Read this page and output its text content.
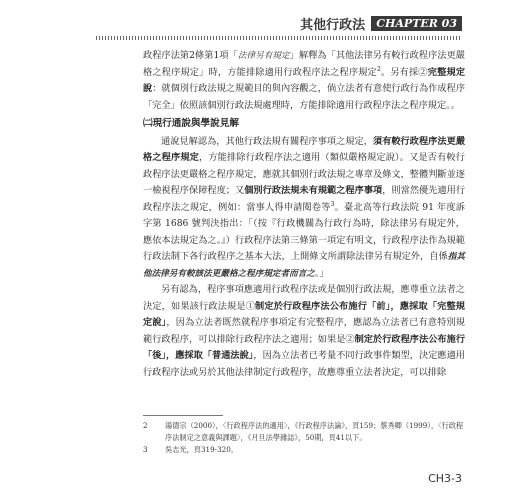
其他行政法	CHAPTER 03

政程序法第2條第1項「法律另有規定」解釋為「其他法律另有較行政程序法更嚴格之程序規定」時，方能排除適用行政程序法之程序規定$^2$。另有採②完整規定說：就個別行政法規之規範目的與內容觀之，倘立法者有意使行政行為作成程序「完全」依照該個別行政法規處理時，方能排除適用行政程序法之程序規定。。

㈡現行通說與學說見解

通說見解認為，其他行政法規有關程序事項之規定，須有較行政程序法更嚴格之程序規定，方能排除行政程序法之適用（類似嚴格規定說）。又是否有較行政程序法更嚴格之程序規定，應就其個別行政法規之專章及條文，整體判斷並逐一檢視程序保障程度；又個別行政法規未有規範之程序事項，則當然優先適用行政程序法之規定，例如：當事人得申請閱卷等$^3$。臺北高等行政法院 91 年度訴字第 1686 號判決指出：「（按『行政機關為行政行為時，除法律另有規定外，應依本法規定為之。』）行政程序法第三條第一項定有明文，行政程序法作為規範行政法制下各行政程序之基本大法，上開條文所謂除法律另有規定外，自係指其他法律另有較該法更嚴格之程序規定者而言之。」

另有認為，程序事項應適用行政程序法或是個別行政法規，應尊重立法者之決定，如果該行政法規是①制定於行政程序法公布施行「前」，應採取「完整規定說」，因為立法者既然就程序事項定有完整程序，應認為立法者已有意特別規範行政程序，可以排除行政程序法之適用；如果是②制定於行政程序法公布施行「後」，應採取「普通法說」，因為立法者已考量不同行政事件類型，決定應適用行政程序法或另於其他法律制定行政程序，故應尊重立法者決定，可以排除

2	湯德宗（2000），〈行政程序法的適用〉，《行政程序法論》，頁159；蔡秀卿（1999），〈行政程序法制定之意義與課題〉，《月旦法學雜誌》，50期，頁41以下。
3	吳志光，頁319-320。
CH3-3
